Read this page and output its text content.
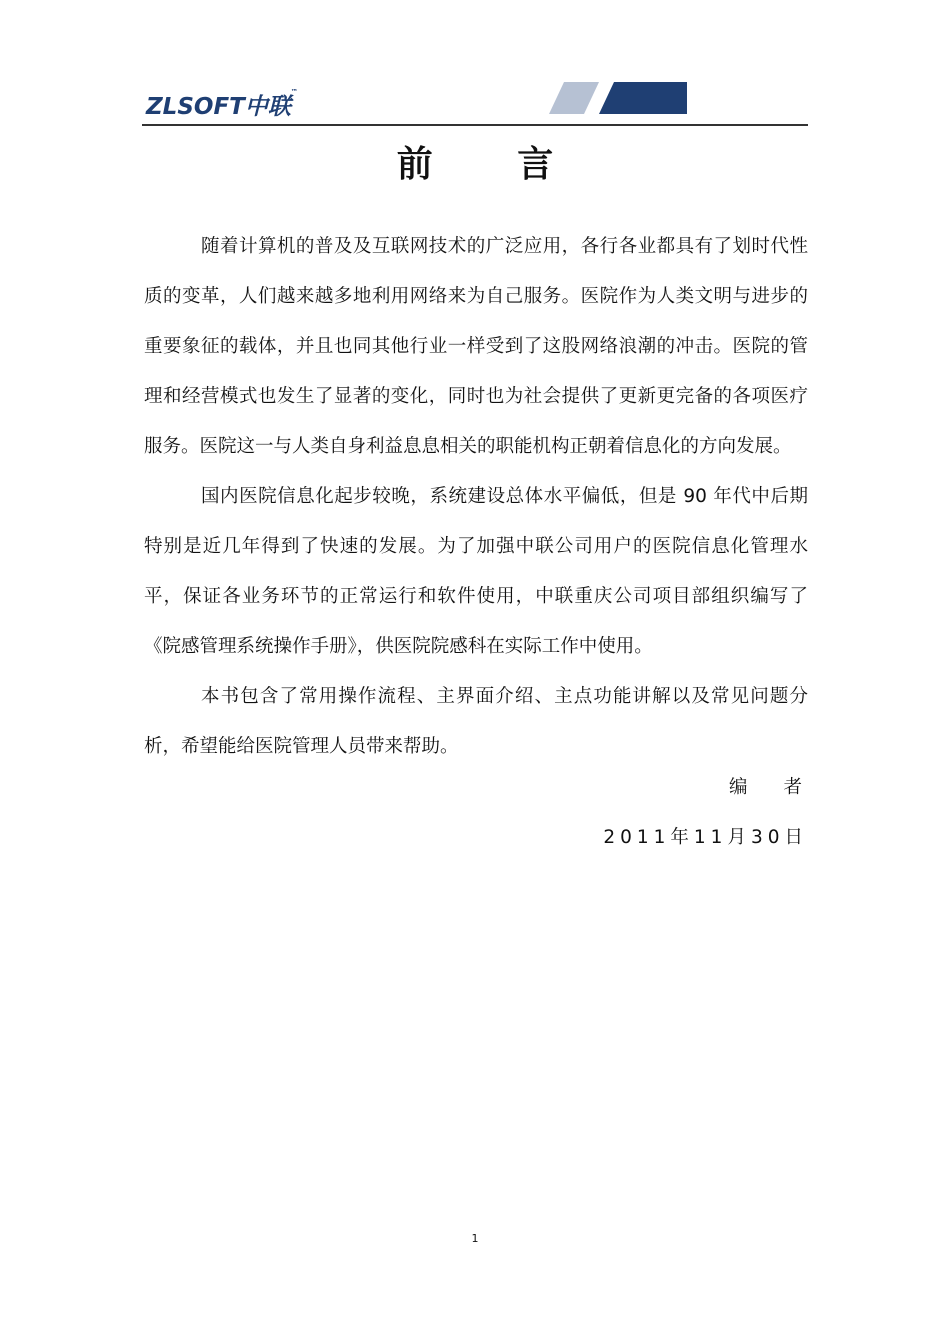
ZLSOFT中联™
前 言

随着计算机的普及及互联网技术的广泛应用，各行各业都具有了划时代性质的变革，人们越来越多地利用网络来为自己服务。医院作为人类文明与进步的重要象征的载体，并且也同其他行业一样受到了这股网络浪潮的冲击。医院的管理和经营模式也发生了显著的变化，同时也为社会提供了更新更完备的各项医疗服务。医院这一与人类自身利益息息相关的职能机构正朝着信息化的方向发展。

国内医院信息化起步较晚，系统建设总体水平偏低，但是 90 年代中后期特别是近几年得到了快速的发展。为了加强中联公司用户的医院信息化管理水平，保证各业务环节的正常运行和软件使用，中联重庆公司项目部组织编写了《院感管理系统操作手册》，供医院院感科在实际工作中使用。

本书包含了常用操作流程、主界面介绍、主点功能讲解以及常见问题分析，希望能给医院管理人员带来帮助。

编者
2011年11月30日
1
